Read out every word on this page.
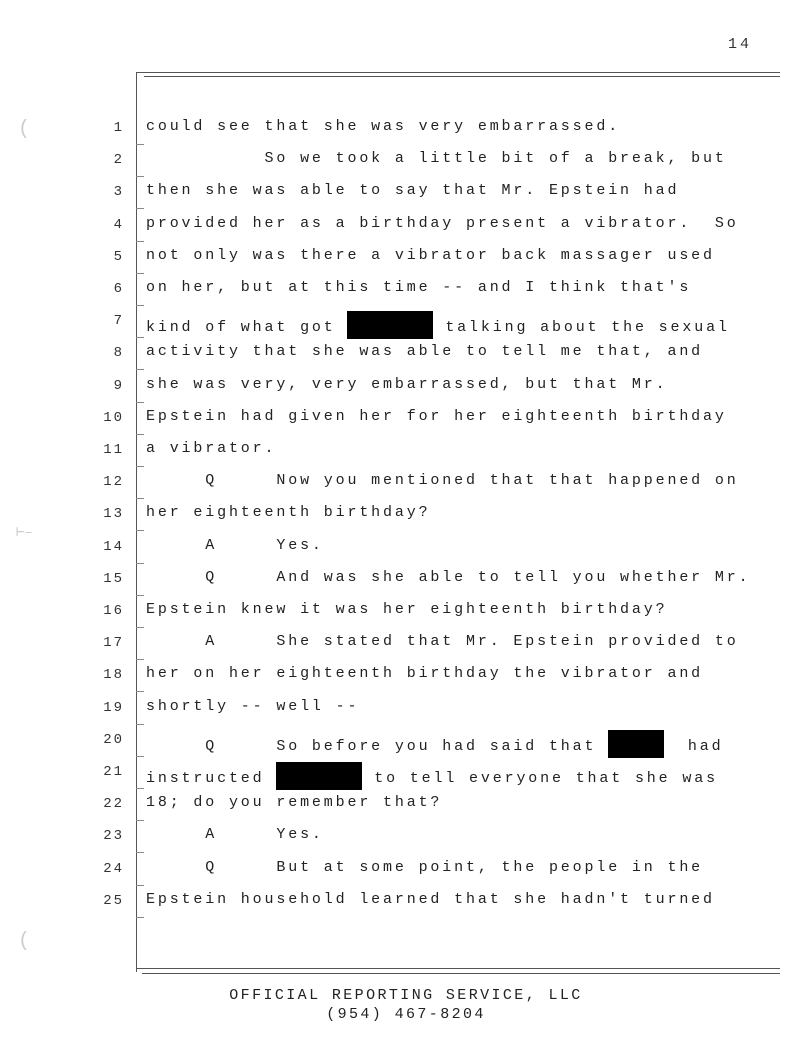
14
(
(
⊢–
1 could see that she was very embarrassed.
2 So we took a little bit of a break, but
3 then she was able to say that Mr. Epstein had
4 provided her as a birthday present a vibrator.  So
5 not only was there a vibrator back massager used
6 on her, but at this time -- and I think that's
7 kind of what got	talking about the sexual
8 activity that she was able to tell me that, and
9 she was very, very embarrassed, but that Mr.
10 Epstein had given her for her eighteenth birthday
11 a vibrator.
12 Q     Now you mentioned that that happened on
13 her eighteenth birthday?
14 A     Yes.
15 Q     And was she able to tell you whether Mr.
16 Epstein knew it was her eighteenth birthday?
17 A     She stated that Mr. Epstein provided to
18 her on her eighteenth birthday the vibrator and
19 shortly -- well --
20 Q     So before you had said that	had
21 instructed	to tell everyone that she was
22 18; do you remember that?
23 A     Yes.
24 Q     But at some point, the people in the
25 Epstein household learned that she hadn't turned
OFFICIAL REPORTING SERVICE, LLC
(954) 467-8204
